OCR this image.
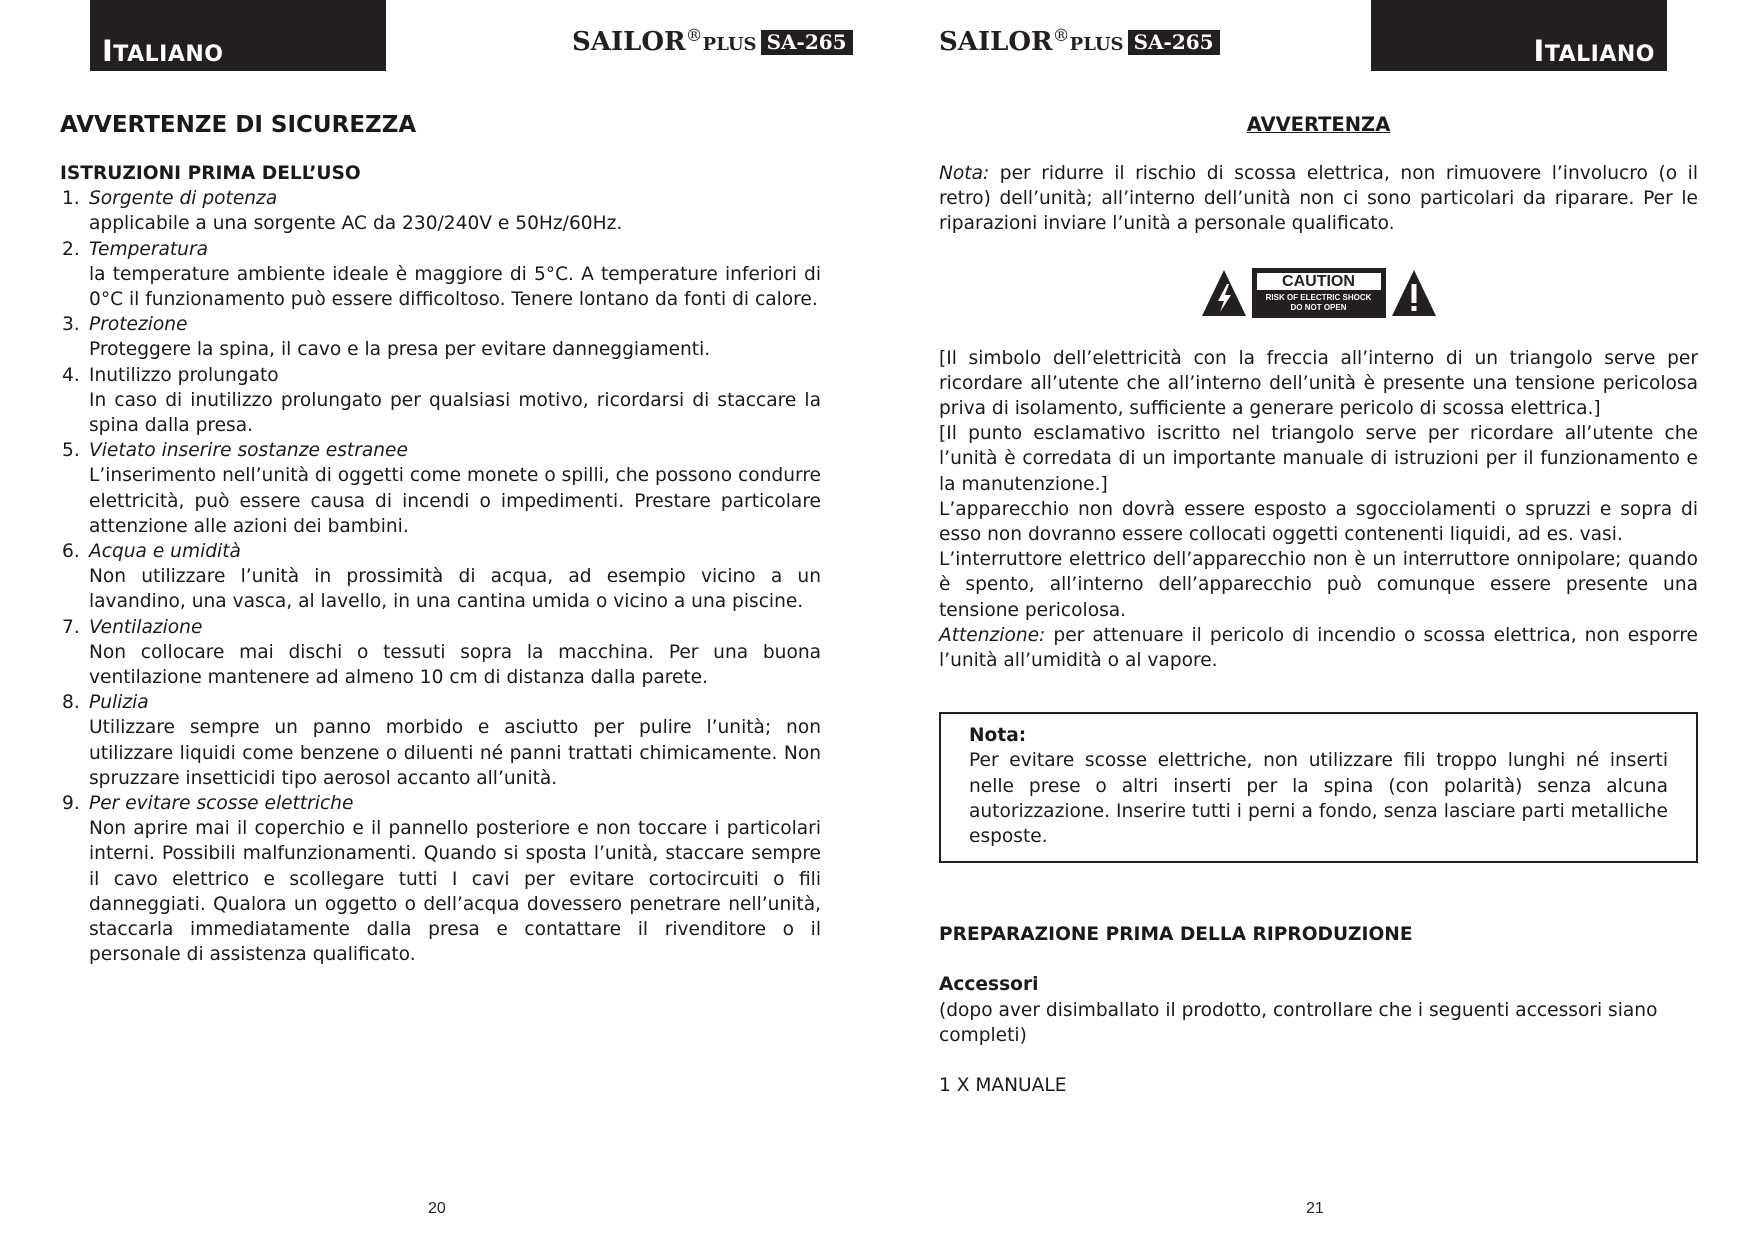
ITALIANO	SAILOR®PLUS SA-265
AVVERTENZE DI SICUREZZA
ISTRUZIONI PRIMA DELL’USO
1. Sorgente di potenza
applicabile a una sorgente AC da 230/240V e 50Hz/60Hz.
2. Temperatura
la temperature ambiente ideale è maggiore di 5°C. A temperature inferiori di 0°C il funzionamento può essere difficoltoso. Tenere lontano da fonti di calore.
3. Protezione
Proteggere la spina, il cavo e la presa per evitare danneggiamenti.
4. Inutilizzo prolungato
In caso di inutilizzo prolungato per qualsiasi motivo, ricordarsi di staccare la spina dalla presa.
5. Vietato inserire sostanze estranee
L’inserimento nell’unità di oggetti come monete o spilli, che possono condurre elettricità, può essere causa di incendi o impedimenti. Prestare particolare attenzione alle azioni dei bambini.
6. Acqua e umidità
Non utilizzare l’unità in prossimità di acqua, ad esempio vicino a un lavandino, una vasca, al lavello, in una cantina umida o vicino a una piscine.
7. Ventilazione
Non collocare mai dischi o tessuti sopra la macchina. Per una buona ventilazione mantenere ad almeno 10 cm di distanza dalla parete.
8. Pulizia
Utilizzare sempre un panno morbido e asciutto per pulire l’unità; non utilizzare liquidi come benzene o diluenti né panni trattati chimicamente. Non spruzzare insetticidi tipo aerosol accanto all’unità.
9. Per evitare scosse elettriche
Non aprire mai il coperchio e il pannello posteriore e non toccare i particolari interni. Possibili malfunzionamenti. Quando si sposta l’unità, staccare sempre il cavo elettrico e scollegare tutti I cavi per evitare cortocircuiti o fili danneggiati. Qualora un oggetto o dell’acqua dovessero penetrare nell’unità, staccarla immediatamente dalla presa e contattare il rivenditore o il personale di assistenza qualificato.
20
SAILOR®PLUS SA-265	ITALIANO
AVVERTENZA

Nota: per ridurre il rischio di scossa elettrica, non rimuovere l’involucro (o il retro) dell’unità; all’interno dell’unità non ci sono particolari da riparare. Per le riparazioni inviare l’unità a personale qualificato.

CAUTION
RISK OF ELECTRIC SHOCK
DO NOT OPEN

[Il simbolo dell’elettricità con la freccia all’interno di un triangolo serve per ricordare all’utente che all’interno dell’unità è presente una tensione pericolosa priva di isolamento, sufficiente a generare pericolo di scossa elettrica.]

[Il punto esclamativo iscritto nel triangolo serve per ricordare all’utente che l’unità è corredata di un importante manuale di istruzioni per il funzionamento e la manutenzione.]

L’apparecchio non dovrà essere esposto a sgocciolamenti o spruzzi e sopra di esso non dovranno essere collocati oggetti contenenti liquidi, ad es. vasi.

L’interruttore elettrico dell’apparecchio non è un interruttore onnipolare; quando è spento, all’interno dell’apparecchio può comunque essere presente una tensione pericolosa.

Attenzione: per attenuare il pericolo di incendio o scossa elettrica, non esporre l’unità all’umidità o al vapore.

Nota:
Per evitare scosse elettriche, non utilizzare fili troppo lunghi né inserti nelle prese o altri inserti per la spina (con polarità) senza alcuna autorizzazione. Inserire tutti i perni a fondo, senza lasciare parti metalliche esposte.
PREPARAZIONE PRIMA DELLA RIPRODUZIONE
Accessori

(dopo aver disimballato il prodotto, controllare che i seguenti accessori siano completi)

1 X MANUALE

21
